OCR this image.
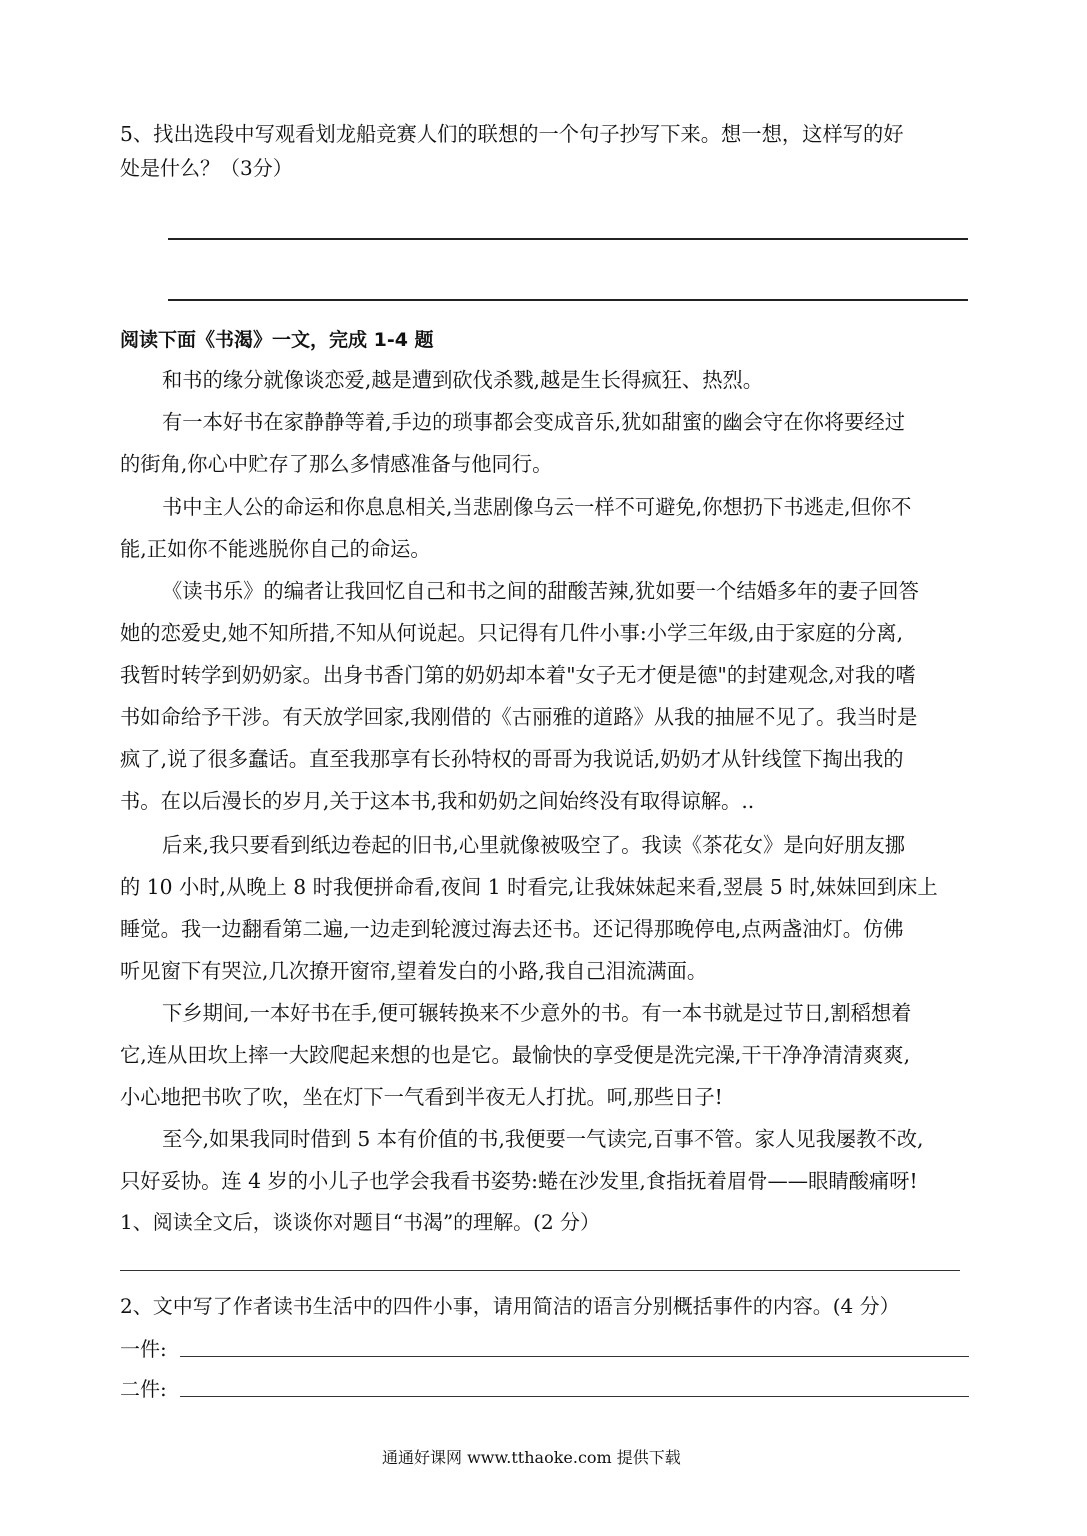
5、找出选段中写观看划龙船竞赛人们的联想的一个句子抄写下来。想一想，这样写的好
处是什么？（3分）
阅读下面《书渴》一文，完成 1-4 题
和书的缘分就像谈恋爱,越是遭到砍伐杀戮,越是生长得疯狂、热烈。
有一本好书在家静静等着,手边的琐事都会变成音乐,犹如甜蜜的幽会守在你将要经过
的街角,你心中贮存了那么多情感准备与他同行。
书中主人公的命运和你息息相关,当悲剧像乌云一样不可避免,你想扔下书逃走,但你不
能,正如你不能逃脱你自己的命运。
《读书乐》的编者让我回忆自己和书之间的甜酸苦辣,犹如要一个结婚多年的妻子回答
她的恋爱史,她不知所措,不知从何说起。只记得有几件小事:小学三年级,由于家庭的分离,
我暂时转学到奶奶家。出身书香门第的奶奶却本着"女子无才便是德"的封建观念,对我的嗜
书如命给予干涉。有天放学回家,我刚借的《古丽雅的道路》从我的抽屉不见了。我当时是
疯了,说了很多蠢话。直至我那享有长孙特权的哥哥为我说话,奶奶才从针线筐下掏出我的
书。在以后漫长的岁月,关于这本书,我和奶奶之间始终没有取得谅解。..
后来,我只要看到纸边卷起的旧书,心里就像被吸空了。我读《茶花女》是向好朋友挪
的 10 小时,从晚上 8 时我便拼命看,夜间 1 时看完,让我妹妹起来看,翌晨 5 时,妹妹回到床上
睡觉。我一边翻看第二遍,一边走到轮渡过海去还书。还记得那晚停电,点两盏油灯。仿佛
听见窗下有哭泣,几次撩开窗帘,望着发白的小路,我自己泪流满面。
下乡期间,一本好书在手,便可辗转换来不少意外的书。有一本书就是过节日,割稻想着
它,连从田坎上摔一大跤爬起来想的也是它。最愉快的享受便是洗完澡,干干净净清清爽爽,
小心地把书吹了吹，坐在灯下一气看到半夜无人打扰。呵,那些日子!
至今,如果我同时借到 5 本有价值的书,我便要一气读完,百事不管。家人见我屡教不改,
只好妥协。连 4 岁的小儿子也学会我看书姿势:蜷在沙发里,食指抚着眉骨——眼睛酸痛呀!
1、阅读全文后，谈谈你对题目“书渴”的理解。(2 分）
2、文中写了作者读书生活中的四件小事，请用简洁的语言分别概括事件的内容。(4 分）
一件:
二件:
通通好课网 www.tthaoke.com 提供下载
